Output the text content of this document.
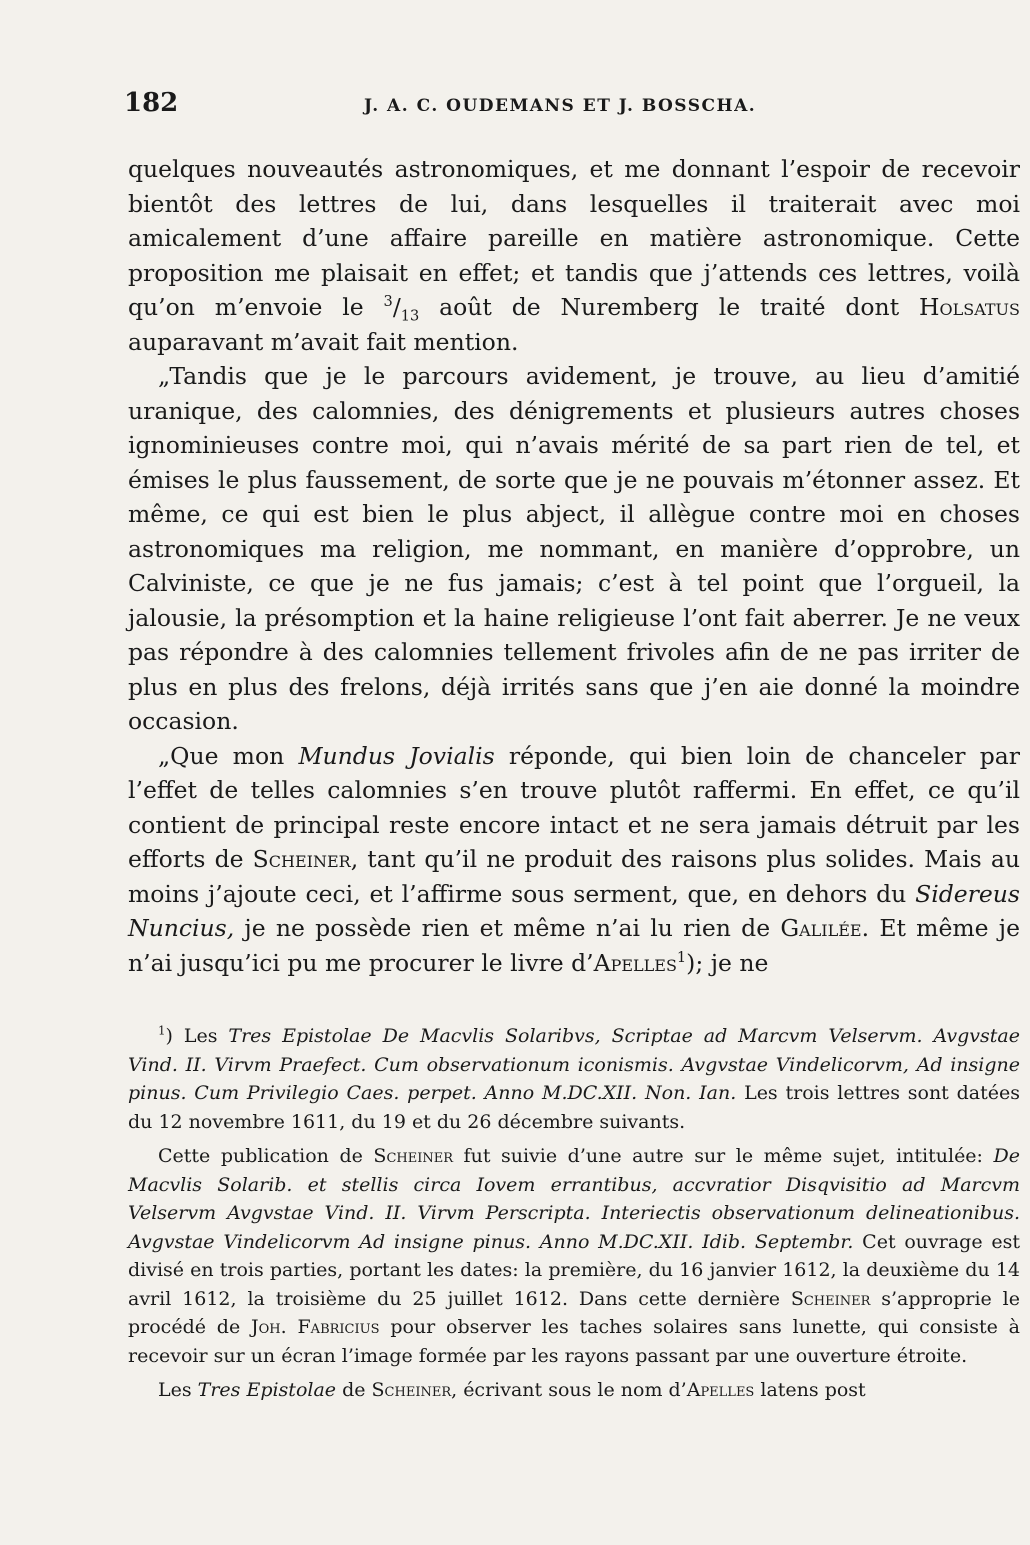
182	J. A. C. OUDEMANS ET J. BOSSCHA.

quelques nouveautés astronomiques, et me donnant l’espoir de recevoir bientôt des lettres de lui, dans lesquelles il traiterait avec moi amicalement d’une affaire pareille en matière astronomique. Cette proposition me plaisait en effet; et tandis que j’attends ces lettres, voilà qu’on m’envoie le $^3/_{13}$ août de Nuremberg le traité dont Holsatus auparavant m’avait fait mention.

„Tandis que je le parcours avidement, je trouve, au lieu d’amitié uranique, des calomnies, des dénigrements et plusieurs autres choses ignominieuses contre moi, qui n’avais mérité de sa part rien de tel, et émises le plus faussement, de sorte que je ne pouvais m’étonner assez. Et même, ce qui est bien le plus abject, il allègue contre moi en choses astronomiques ma religion, me nommant, en manière d’opprobre, un Calviniste, ce que je ne fus jamais; c’est à tel point que l’orgueil, la jalousie, la présomption et la haine religieuse l’ont fait aberrer. Je ne veux pas répondre à des calomnies tellement frivoles afin de ne pas irriter de plus en plus des frelons, déjà irrités sans que j’en aie donné la moindre occasion.

„Que mon Mundus Jovialis réponde, qui bien loin de chanceler par l’effet de telles calomnies s’en trouve plutôt raffermi. En effet, ce qu’il contient de principal reste encore intact et ne sera jamais détruit par les efforts de Scheiner, tant qu’il ne produit des raisons plus solides. Mais au moins j’ajoute ceci, et l’affirme sous serment, que, en dehors du Sidereus Nuncius, je ne possède rien et même n’ai lu rien de Galilée. Et même je n’ai jusqu’ici pu me procurer le livre d’Apelles$^1$); je ne

$^1$) Les Tres Epistolae De Macvlis Solaribvs, Scriptae ad Marcvm Velservm. Avgvstae Vind. II. Virvm Praefect. Cum observationum iconismis. Avgvstae Vindelicorvm, Ad insigne pinus. Cum Privilegio Caes. perpet. Anno M.DC.XII. Non. Ian. Les trois lettres sont datées du 12 novembre 1611, du 19 et du 26 décembre suivants.

Cette publication de Scheiner fut suivie d’une autre sur le même sujet, intitulée: De Macvlis Solarib. et stellis circa Iovem errantibus, accvratior Disqvisitio ad Marcvm Velservm Avgvstae Vind. II. Virvm Perscripta. Interiectis observationum delineationibus. Avgvstae Vindelicorvm Ad insigne pinus. Anno M.DC.XII. Idib. Septembr. Cet ouvrage est divisé en trois parties, portant les dates: la première, du 16 janvier 1612, la deuxième du 14 avril 1612, la troisième du 25 juillet 1612. Dans cette dernière Scheiner s’approprie le procédé de Joh. Fabricius pour observer les taches solaires sans lunette, qui consiste à recevoir sur un écran l’image formée par les rayons passant par une ouverture étroite.

Les Tres Epistolae de Scheiner, écrivant sous le nom d’Apelles latens post
